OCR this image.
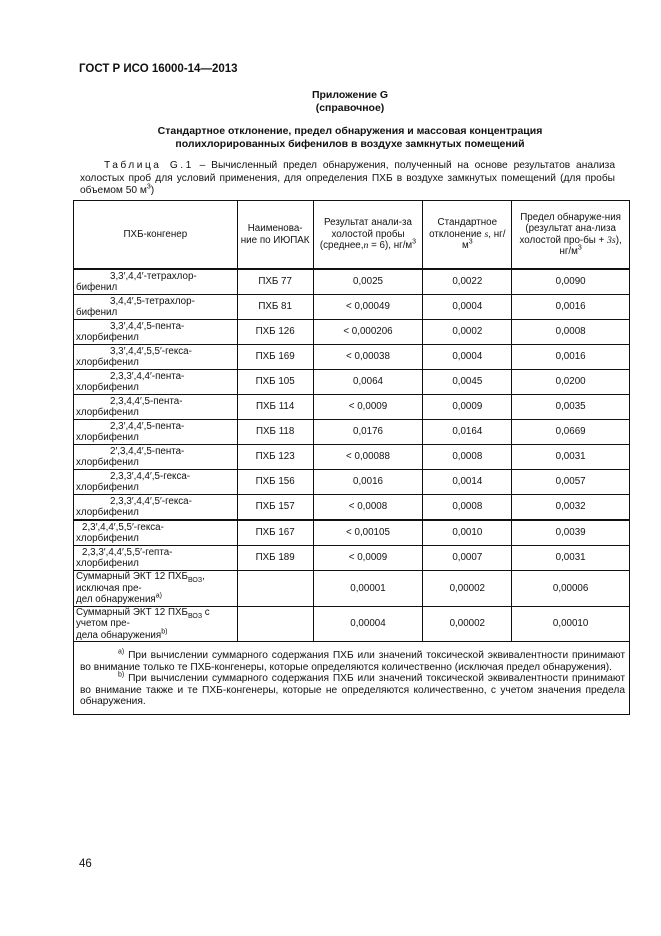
ГОСТ Р ИСО 16000-14—2013
Приложение G
(справочное)
Стандартное отклонение, предел обнаружения и массовая концентрация
полихлорированных бифенилов в воздухе замкнутых помещений
Таблица G.1 – Вычисленный предел обнаружения, полученный на основе результатов анализа холостых проб для условий применения, для определения ПХБ в воздухе замкнутых помещений (для пробы объемом 50 $м^3$)
ПХБ-конгенер	Наименова-ние по ИЮПАК	Результат анали-за холостой пробы (среднее,n = 6), $нг/м^3$	Стандартное отклонение s, $нг/м^3$	Предел обнаруже-ния (результат ана-лиза холостой про-бы + 3s), $нг/м^3$

3,3′,4,4′-тетрахлор-
бифенил	ПХБ 77	0,0025	0,0022	0,0090

3,4,4′,5-тетрахлор-
бифенил	ПХБ 81	< 0,00049	0,0004	0,0016

3,3′,4,4′,5-пента-
хлорбифенил	ПХБ 126	< 0,000206	0,0002	0,0008

3,3′,4,4′,5,5′-гекса-
хлорбифенил	ПХБ 169	< 0,00038	0,0004	0,0016

2,3,3′,4,4′-пента-
хлорбифенил	ПХБ 105	0,0064	0,0045	0,0200

2,3,4,4′,5-пента-
хлорбифенил	ПХБ 114	< 0,0009	0,0009	0,0035

2,3′,4,4′,5-пента-
хлорбифенил	ПХБ 118	0,0176	0,0164	0,0669

2′,3,4,4′,5-пента-
хлорбифенил	ПХБ 123	< 0,00088	0,0008	0,0031

2,3,3′,4,4′,5-гекса-
хлорбифенил	ПХБ 156	0,0016	0,0014	0,0057

2,3,3′,4,4′,5′-гекса-
хлорбифенил	ПХБ 157	< 0,0008	0,0008	0,0032

2,3′,4,4′,5,5′-гекса-
хлорбифенил	ПХБ 167	< 0,00105	0,0010	0,0039

2,3,3′,4,4′,5,5′-гепта-
хлорбифенил	ПХБ 189	< 0,0009	0,0007	0,0031
Суммарный ЭКТ 12 $ПХБ_{ВОЗ}$, исключая пре-
дел обнаружения$^{a)}$		0,00001	0,00002	0,00006
Суммарный ЭКТ 12 $ПХБ_{ВОЗ}$ с учетом пре-
дела обнаружения$^{b)}$		0,00004	0,00002	0,00010

$^{a)}$ При вычислении суммарного содержания ПХБ или значений токсической эквивалентности принимают во внимание только те ПХБ-конгенеры, которые определяются количественно (исключая предел обнаружения).

$^{b)}$ При вычислении суммарного содержания ПХБ или значений токсической эквивалентности принимают во внимание также и те ПХБ-конгенеры, которые не определяются количественно, с учетом значения предела обнаружения.				

46
